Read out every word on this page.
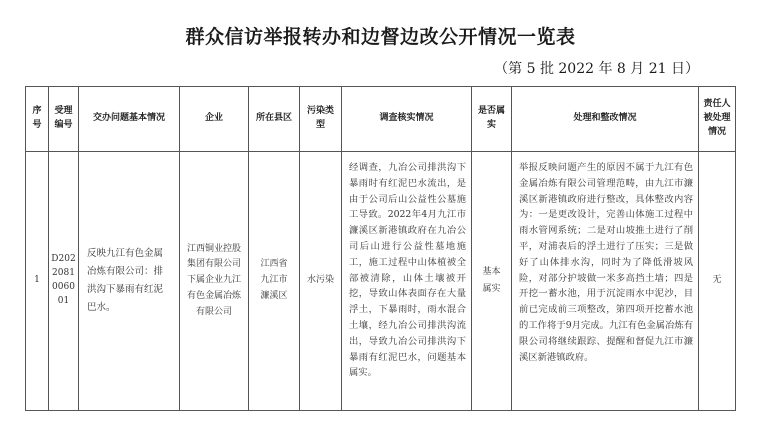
群众信访举报转办和边督边改公开情况一览表
（第 5 批 2022 年 8 月 21 日）
序号	受理编号	交办问题基本情况	企业	所在县区	污染类型	调查核实情况	是否属实	处理和整改情况	责任人被处理情况
1	D2022081006001	反映九江有色金属冶炼有限公司：排洪沟下暴雨有红泥巴水。	江西铜业控股集团有限公司下属企业九江有色金属冶炼有限公司	江西省九江市濂溪区	水污染	经调查，九冶公司排洪沟下暴雨时有红泥巴水流出，是由于公司后山公益性公墓施工导致。2022年4月九江市濂溪区新港镇政府在九冶公司后山进行公益性墓地施工，施工过程中山体植被全部被清除，山体土壤被开挖，导致山体表面存在大量浮土，下暴雨时，雨水混合土壤，经九冶公司排洪沟流出，导致九冶公司排洪沟下暴雨有红泥巴水，问题基本属实。	基本属实	举报反映问题产生的原因不属于九江有色金属冶炼有限公司管理范畴，由九江市濂溪区新港镇政府进行整改，具体整改内容为：一是更改设计，完善山体施工过程中雨水管网系统；二是对山坡推土进行了削平，对浦表后的浮土进行了压实；三是做好了山体排水沟，同时为了降低滑坡风险，对部分护坡做一米多高挡土墙；四是开挖一蓄水池，用于沉淀雨水中泥沙，目前已完成前三项整改，第四项开挖蓄水池的工作将于9月完成。九江有色金属冶炼有限公司将继续跟踪、提醒和督促九江市濂溪区新港镇政府。	无
